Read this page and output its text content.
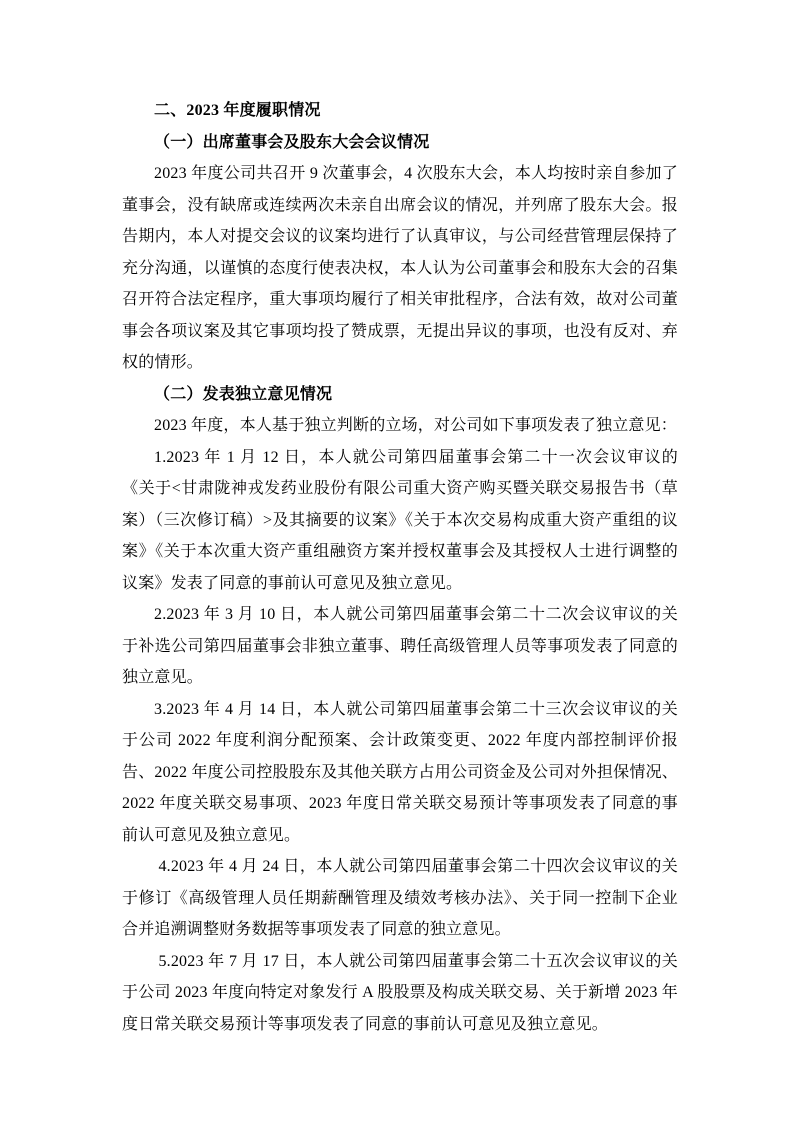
二、2023 年度履职情况

（一）出席董事会及股东大会会议情况

2023 年度公司共召开 9 次董事会，4 次股东大会，本人均按时亲自参加了董事会，没有缺席或连续两次未亲自出席会议的情况，并列席了股东大会。报告期内，本人对提交会议的议案均进行了认真审议，与公司经营管理层保持了充分沟通，以谨慎的态度行使表决权，本人认为公司董事会和股东大会的召集召开符合法定程序，重大事项均履行了相关审批程序，合法有效，故对公司董事会各项议案及其它事项均投了赞成票，无提出异议的事项，也没有反对、弃权的情形。

（二）发表独立意见情况

2023 年度，本人基于独立判断的立场，对公司如下事项发表了独立意见：

1.2023 年 1 月 12 日，本人就公司第四届董事会第二十一次会议审议的《关于<甘肃陇神戎发药业股份有限公司重大资产购买暨关联交易报告书（草案）（三次修订稿）>及其摘要的议案》《关于本次交易构成重大资产重组的议案》《关于本次重大资产重组融资方案并授权董事会及其授权人士进行调整的议案》发表了同意的事前认可意见及独立意见。

2.2023 年 3 月 10 日，本人就公司第四届董事会第二十二次会议审议的关于补选公司第四届董事会非独立董事、聘任高级管理人员等事项发表了同意的独立意见。

3.2023 年 4 月 14 日，本人就公司第四届董事会第二十三次会议审议的关于公司 2022 年度利润分配预案、会计政策变更、2022 年度内部控制评价报告、2022 年度公司控股股东及其他关联方占用公司资金及公司对外担保情况、2022 年度关联交易事项、2023 年度日常关联交易预计等事项发表了同意的事前认可意见及独立意见。

4.2023 年 4 月 24 日，本人就公司第四届董事会第二十四次会议审议的关于修订《高级管理人员任期薪酬管理及绩效考核办法》、关于同一控制下企业合并追溯调整财务数据等事项发表了同意的独立意见。

5.2023 年 7 月 17 日，本人就公司第四届董事会第二十五次会议审议的关于公司 2023 年度向特定对象发行 A 股股票及构成关联交易、关于新增 2023 年度日常关联交易预计等事项发表了同意的事前认可意见及独立意见。
